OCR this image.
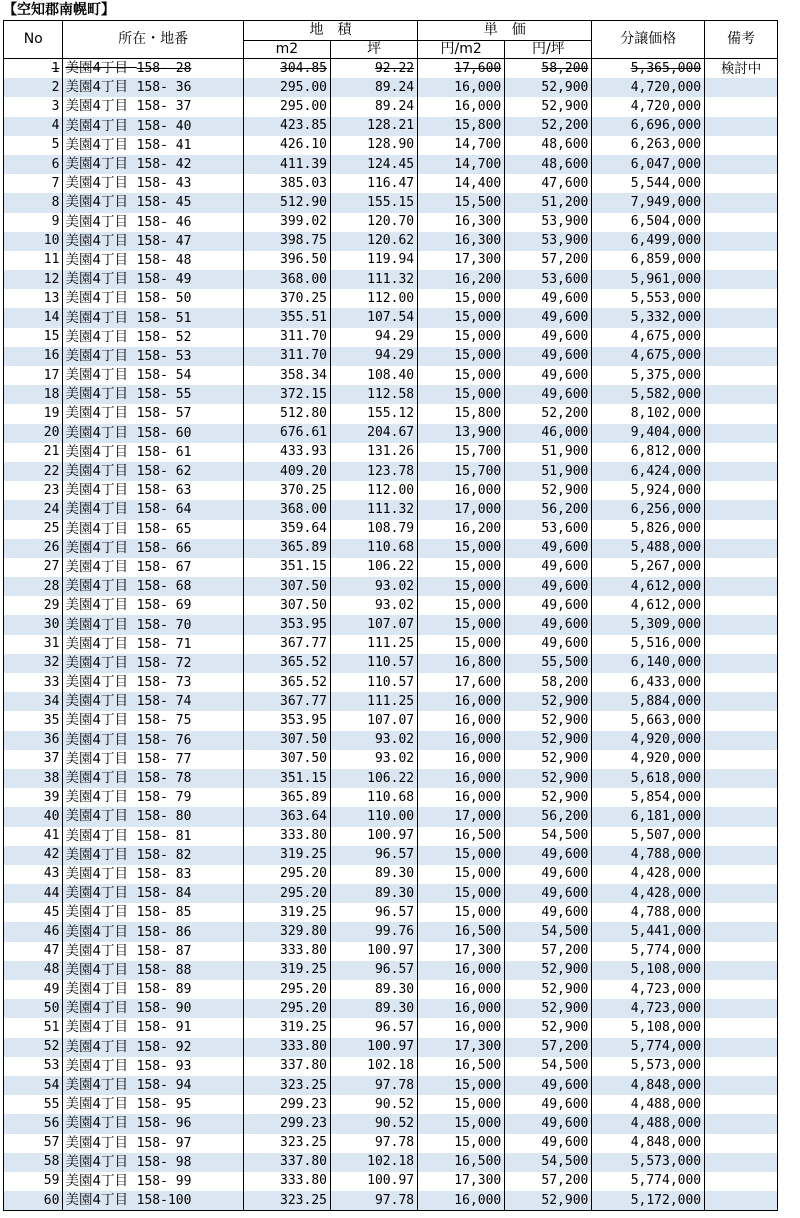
【空知郡南幌町】
No	所在・地番	地　積		単　価		分譲価格	備考
		m2	坪	円/m2	円/坪		
1	美園4丁目 158- 28	304.85	92.22	17,600	58,200	5,365,000	検討中
2	美園4丁目 158- 36	295.00	89.24	16,000	52,900	4,720,000	
3	美園4丁目 158- 37	295.00	89.24	16,000	52,900	4,720,000	
4	美園4丁目 158- 40	423.85	128.21	15,800	52,200	6,696,000	
5	美園4丁目 158- 41	426.10	128.90	14,700	48,600	6,263,000	
6	美園4丁目 158- 42	411.39	124.45	14,700	48,600	6,047,000	
7	美園4丁目 158- 43	385.03	116.47	14,400	47,600	5,544,000	
8	美園4丁目 158- 45	512.90	155.15	15,500	51,200	7,949,000	
9	美園4丁目 158- 46	399.02	120.70	16,300	53,900	6,504,000	
10	美園4丁目 158- 47	398.75	120.62	16,300	53,900	6,499,000	
11	美園4丁目 158- 48	396.50	119.94	17,300	57,200	6,859,000	
12	美園4丁目 158- 49	368.00	111.32	16,200	53,600	5,961,000	
13	美園4丁目 158- 50	370.25	112.00	15,000	49,600	5,553,000	
14	美園4丁目 158- 51	355.51	107.54	15,000	49,600	5,332,000	
15	美園4丁目 158- 52	311.70	94.29	15,000	49,600	4,675,000	
16	美園4丁目 158- 53	311.70	94.29	15,000	49,600	4,675,000	
17	美園4丁目 158- 54	358.34	108.40	15,000	49,600	5,375,000	
18	美園4丁目 158- 55	372.15	112.58	15,000	49,600	5,582,000	
19	美園4丁目 158- 57	512.80	155.12	15,800	52,200	8,102,000	
20	美園4丁目 158- 60	676.61	204.67	13,900	46,000	9,404,000	
21	美園4丁目 158- 61	433.93	131.26	15,700	51,900	6,812,000	
22	美園4丁目 158- 62	409.20	123.78	15,700	51,900	6,424,000	
23	美園4丁目 158- 63	370.25	112.00	16,000	52,900	5,924,000	
24	美園4丁目 158- 64	368.00	111.32	17,000	56,200	6,256,000	
25	美園4丁目 158- 65	359.64	108.79	16,200	53,600	5,826,000	
26	美園4丁目 158- 66	365.89	110.68	15,000	49,600	5,488,000	
27	美園4丁目 158- 67	351.15	106.22	15,000	49,600	5,267,000	
28	美園4丁目 158- 68	307.50	93.02	15,000	49,600	4,612,000	
29	美園4丁目 158- 69	307.50	93.02	15,000	49,600	4,612,000	
30	美園4丁目 158- 70	353.95	107.07	15,000	49,600	5,309,000	
31	美園4丁目 158- 71	367.77	111.25	15,000	49,600	5,516,000	
32	美園4丁目 158- 72	365.52	110.57	16,800	55,500	6,140,000	
33	美園4丁目 158- 73	365.52	110.57	17,600	58,200	6,433,000	
34	美園4丁目 158- 74	367.77	111.25	16,000	52,900	5,884,000	
35	美園4丁目 158- 75	353.95	107.07	16,000	52,900	5,663,000	
36	美園4丁目 158- 76	307.50	93.02	16,000	52,900	4,920,000	
37	美園4丁目 158- 77	307.50	93.02	16,000	52,900	4,920,000	
38	美園4丁目 158- 78	351.15	106.22	16,000	52,900	5,618,000	
39	美園4丁目 158- 79	365.89	110.68	16,000	52,900	5,854,000	
40	美園4丁目 158- 80	363.64	110.00	17,000	56,200	6,181,000	
41	美園4丁目 158- 81	333.80	100.97	16,500	54,500	5,507,000	
42	美園4丁目 158- 82	319.25	96.57	15,000	49,600	4,788,000	
43	美園4丁目 158- 83	295.20	89.30	15,000	49,600	4,428,000	
44	美園4丁目 158- 84	295.20	89.30	15,000	49,600	4,428,000	
45	美園4丁目 158- 85	319.25	96.57	15,000	49,600	4,788,000	
46	美園4丁目 158- 86	329.80	99.76	16,500	54,500	5,441,000	
47	美園4丁目 158- 87	333.80	100.97	17,300	57,200	5,774,000	
48	美園4丁目 158- 88	319.25	96.57	16,000	52,900	5,108,000	
49	美園4丁目 158- 89	295.20	89.30	16,000	52,900	4,723,000	
50	美園4丁目 158- 90	295.20	89.30	16,000	52,900	4,723,000	
51	美園4丁目 158- 91	319.25	96.57	16,000	52,900	5,108,000	
52	美園4丁目 158- 92	333.80	100.97	17,300	57,200	5,774,000	
53	美園4丁目 158- 93	337.80	102.18	16,500	54,500	5,573,000	
54	美園4丁目 158- 94	323.25	97.78	15,000	49,600	4,848,000	
55	美園4丁目 158- 95	299.23	90.52	15,000	49,600	4,488,000	
56	美園4丁目 158- 96	299.23	90.52	15,000	49,600	4,488,000	
57	美園4丁目 158- 97	323.25	97.78	15,000	49,600	4,848,000	
58	美園4丁目 158- 98	337.80	102.18	16,500	54,500	5,573,000	
59	美園4丁目 158- 99	333.80	100.97	17,300	57,200	5,774,000	
60	美園4丁目 158-100	323.25	97.78	16,000	52,900	5,172,000	
